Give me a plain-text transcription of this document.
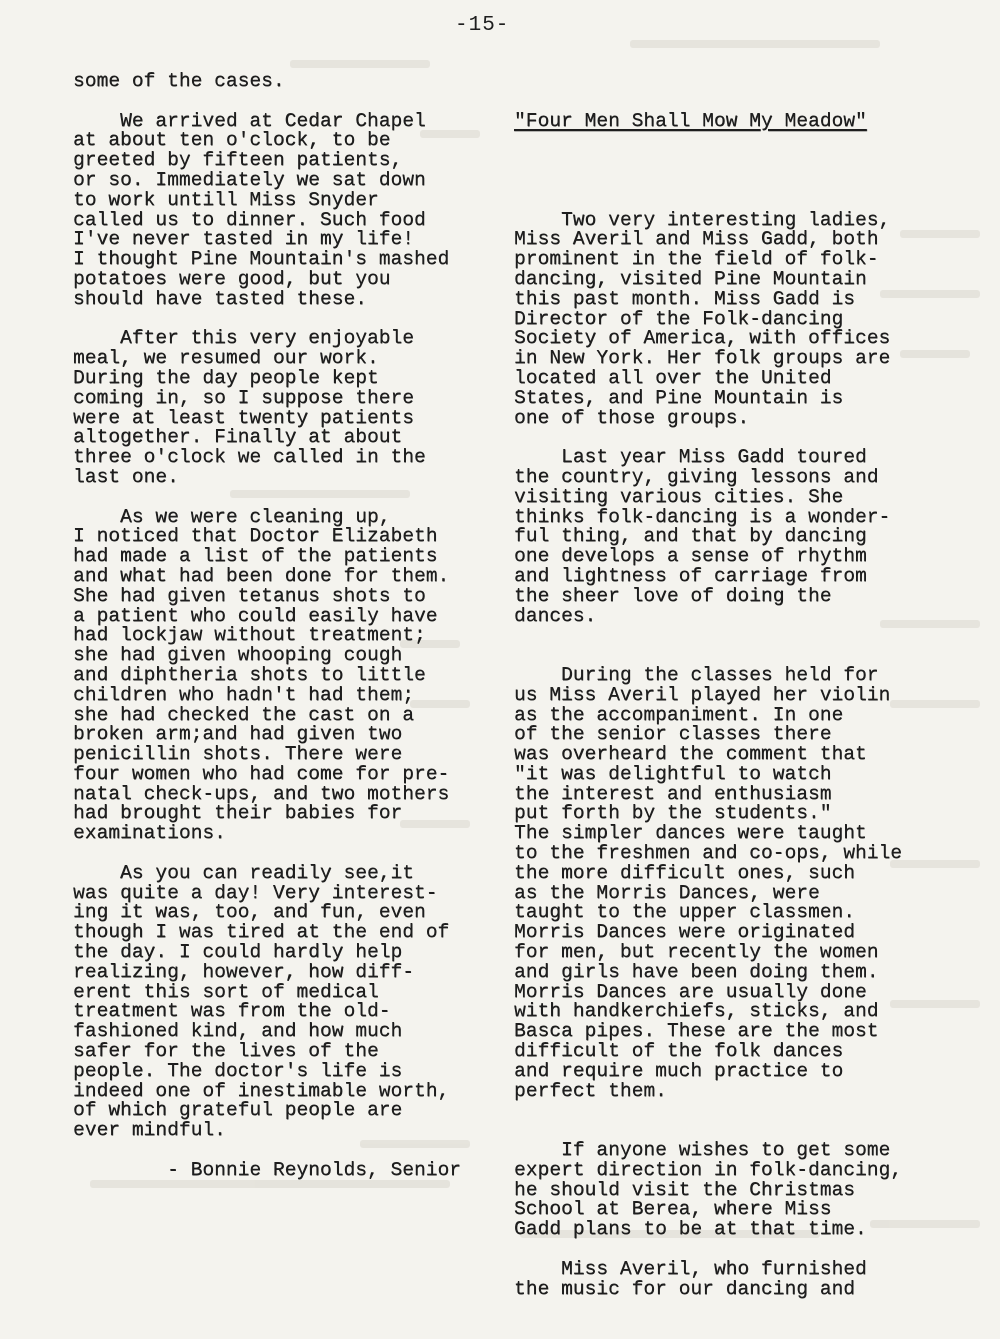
-15-
some of the cases.

We arrived at Cedar Chapel
at about ten o'clock, to be
greeted by fifteen patients,
or so. Immediately we sat down
to work untill Miss Snyder
called us to dinner. Such food
I've never tasted in my life!
I thought Pine Mountain's mashed
potatoes were good, but you
should have tasted these.

After this very enjoyable
meal, we resumed our work.
During the day people kept
coming in, so I suppose there
were at least twenty patients
altogether. Finally at about
three o'clock we called in the
last one.

As we were cleaning up,
I noticed that Doctor Elizabeth
had made a list of the patients
and what had been done for them.
She had given tetanus shots to
a patient who could easily have
had lockjaw without treatment;
she had given whooping cough
and diphtheria shots to little
children who hadn't had them;
she had checked the cast on a
broken arm;and had given two
penicillin shots. There were
four women who had come for pre-
natal check-ups, and two mothers
had brought their babies for
examinations.

As you can readily see,it
was quite a day! Very interest-
ing it was, too, and fun, even
though I was tired at the end of
the day. I could hardly help
realizing, however, how diff-
erent this sort of medical
treatment was from the old-
fashioned kind, and how much
safer for the lives of the
people. The doctor's life is
indeed one of inestimable worth,
of which grateful people are
ever mindful.

- Bonnie Reynolds, Senior

"Four Men Shall Mow My Meadow"

Two very interesting ladies,
Miss Averil and Miss Gadd, both
prominent in the field of folk-
dancing, visited Pine Mountain
this past month. Miss Gadd is
Director of the Folk-dancing
Society of America, with offices
in New York. Her folk groups are
located all over the United
States, and Pine Mountain is
one of those groups.

Last year Miss Gadd toured
the country, giving lessons and
visiting various cities. She
thinks folk-dancing is a wonder-
ful thing, and that by dancing
one develops a sense of rhythm
and lightness of carriage from
the sheer love of doing the
dances.

During the classes held for
us Miss Averil played her violin
as the accompaniment. In one
of the senior classes there
was overheard the comment that
"it was delightful to watch
the interest and enthusiasm
put forth by the students."
The simpler dances were taught
to the freshmen and co-ops, while
the more difficult ones, such
as the Morris Dances, were
taught to the upper classmen.
Morris Dances were originated
for men, but recently the women
and girls have been doing them.
Morris Dances are usually done
with handkerchiefs, sticks, and
Basca pipes. These are the most
difficult of the folk dances
and require much practice to
perfect them.

If anyone wishes to get some
expert direction in folk-dancing,
he should visit the Christmas
School at Berea, where Miss
Gadd plans to be at that time.

Miss Averil, who furnished
the music for our dancing and
